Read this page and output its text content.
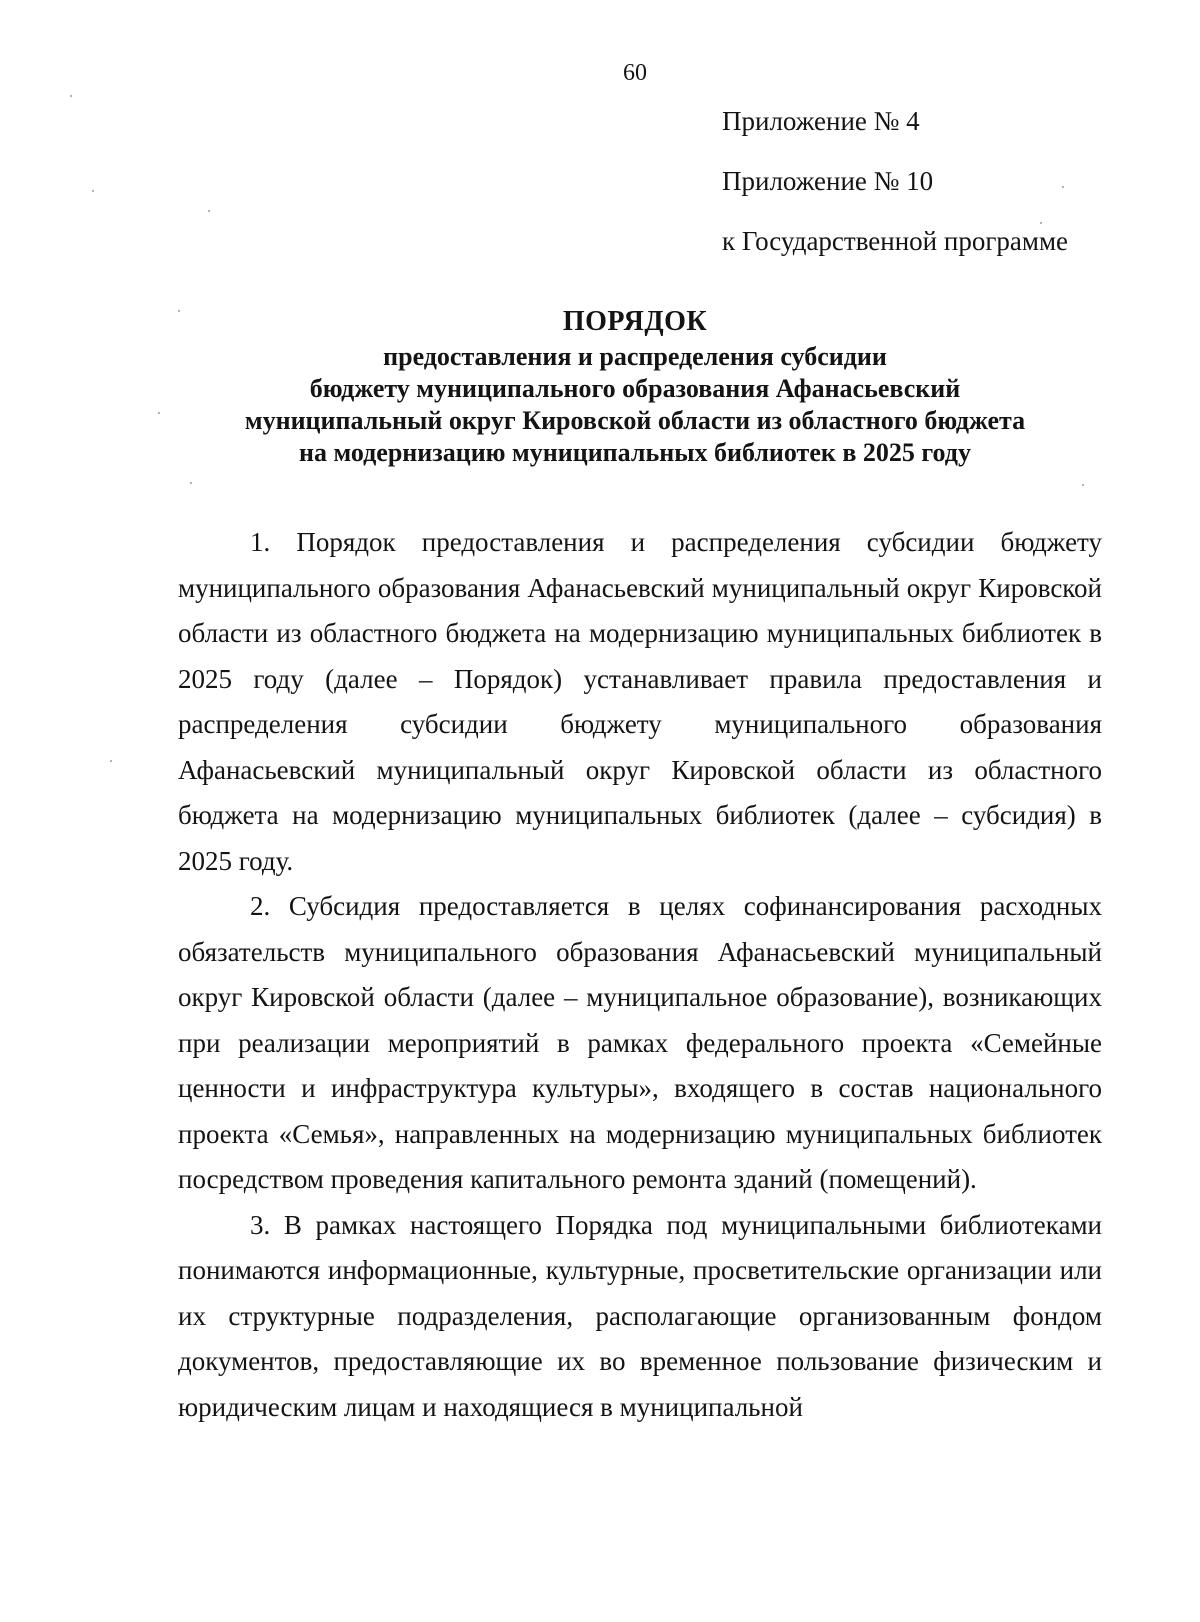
60
Приложение № 4
Приложение № 10
к Государственной программе
ПОРЯДОК
предоставления и распределения субсидии
бюджету муниципального образования Афанасьевский
муниципальный округ Кировской области из областного бюджета
на модернизацию муниципальных библиотек в 2025 году

1. Порядок предоставления и распределения субсидии бюджету муниципального образования Афанасьевский муниципальный округ Кировской области из областного бюджета на модернизацию муниципальных библиотек в 2025 году (далее – Порядок) устанавливает правила предоставления и распределения субсидии бюджету муниципального образования Афанасьевский муниципальный округ Кировской области из областного бюджета на модернизацию муниципальных библиотек (далее – субсидия) в 2025 году.

2. Субсидия предоставляется в целях софинансирования расходных обязательств муниципального образования Афанасьевский муниципальный округ Кировской области (далее – муниципальное образование), возникающих при реализации мероприятий в рамках федерального проекта «Семейные ценности и инфраструктура культуры», входящего в состав национального проекта «Семья», направленных на модернизацию муниципальных библиотек посредством проведения капитального ремонта зданий (помещений).

3. В рамках настоящего Порядка под муниципальными библиотеками понимаются информационные, культурные, просветительские организации или их структурные подразделения, располагающие организованным фондом документов, предоставляющие их во временное пользование физическим и юридическим лицам и находящиеся в муниципальной
